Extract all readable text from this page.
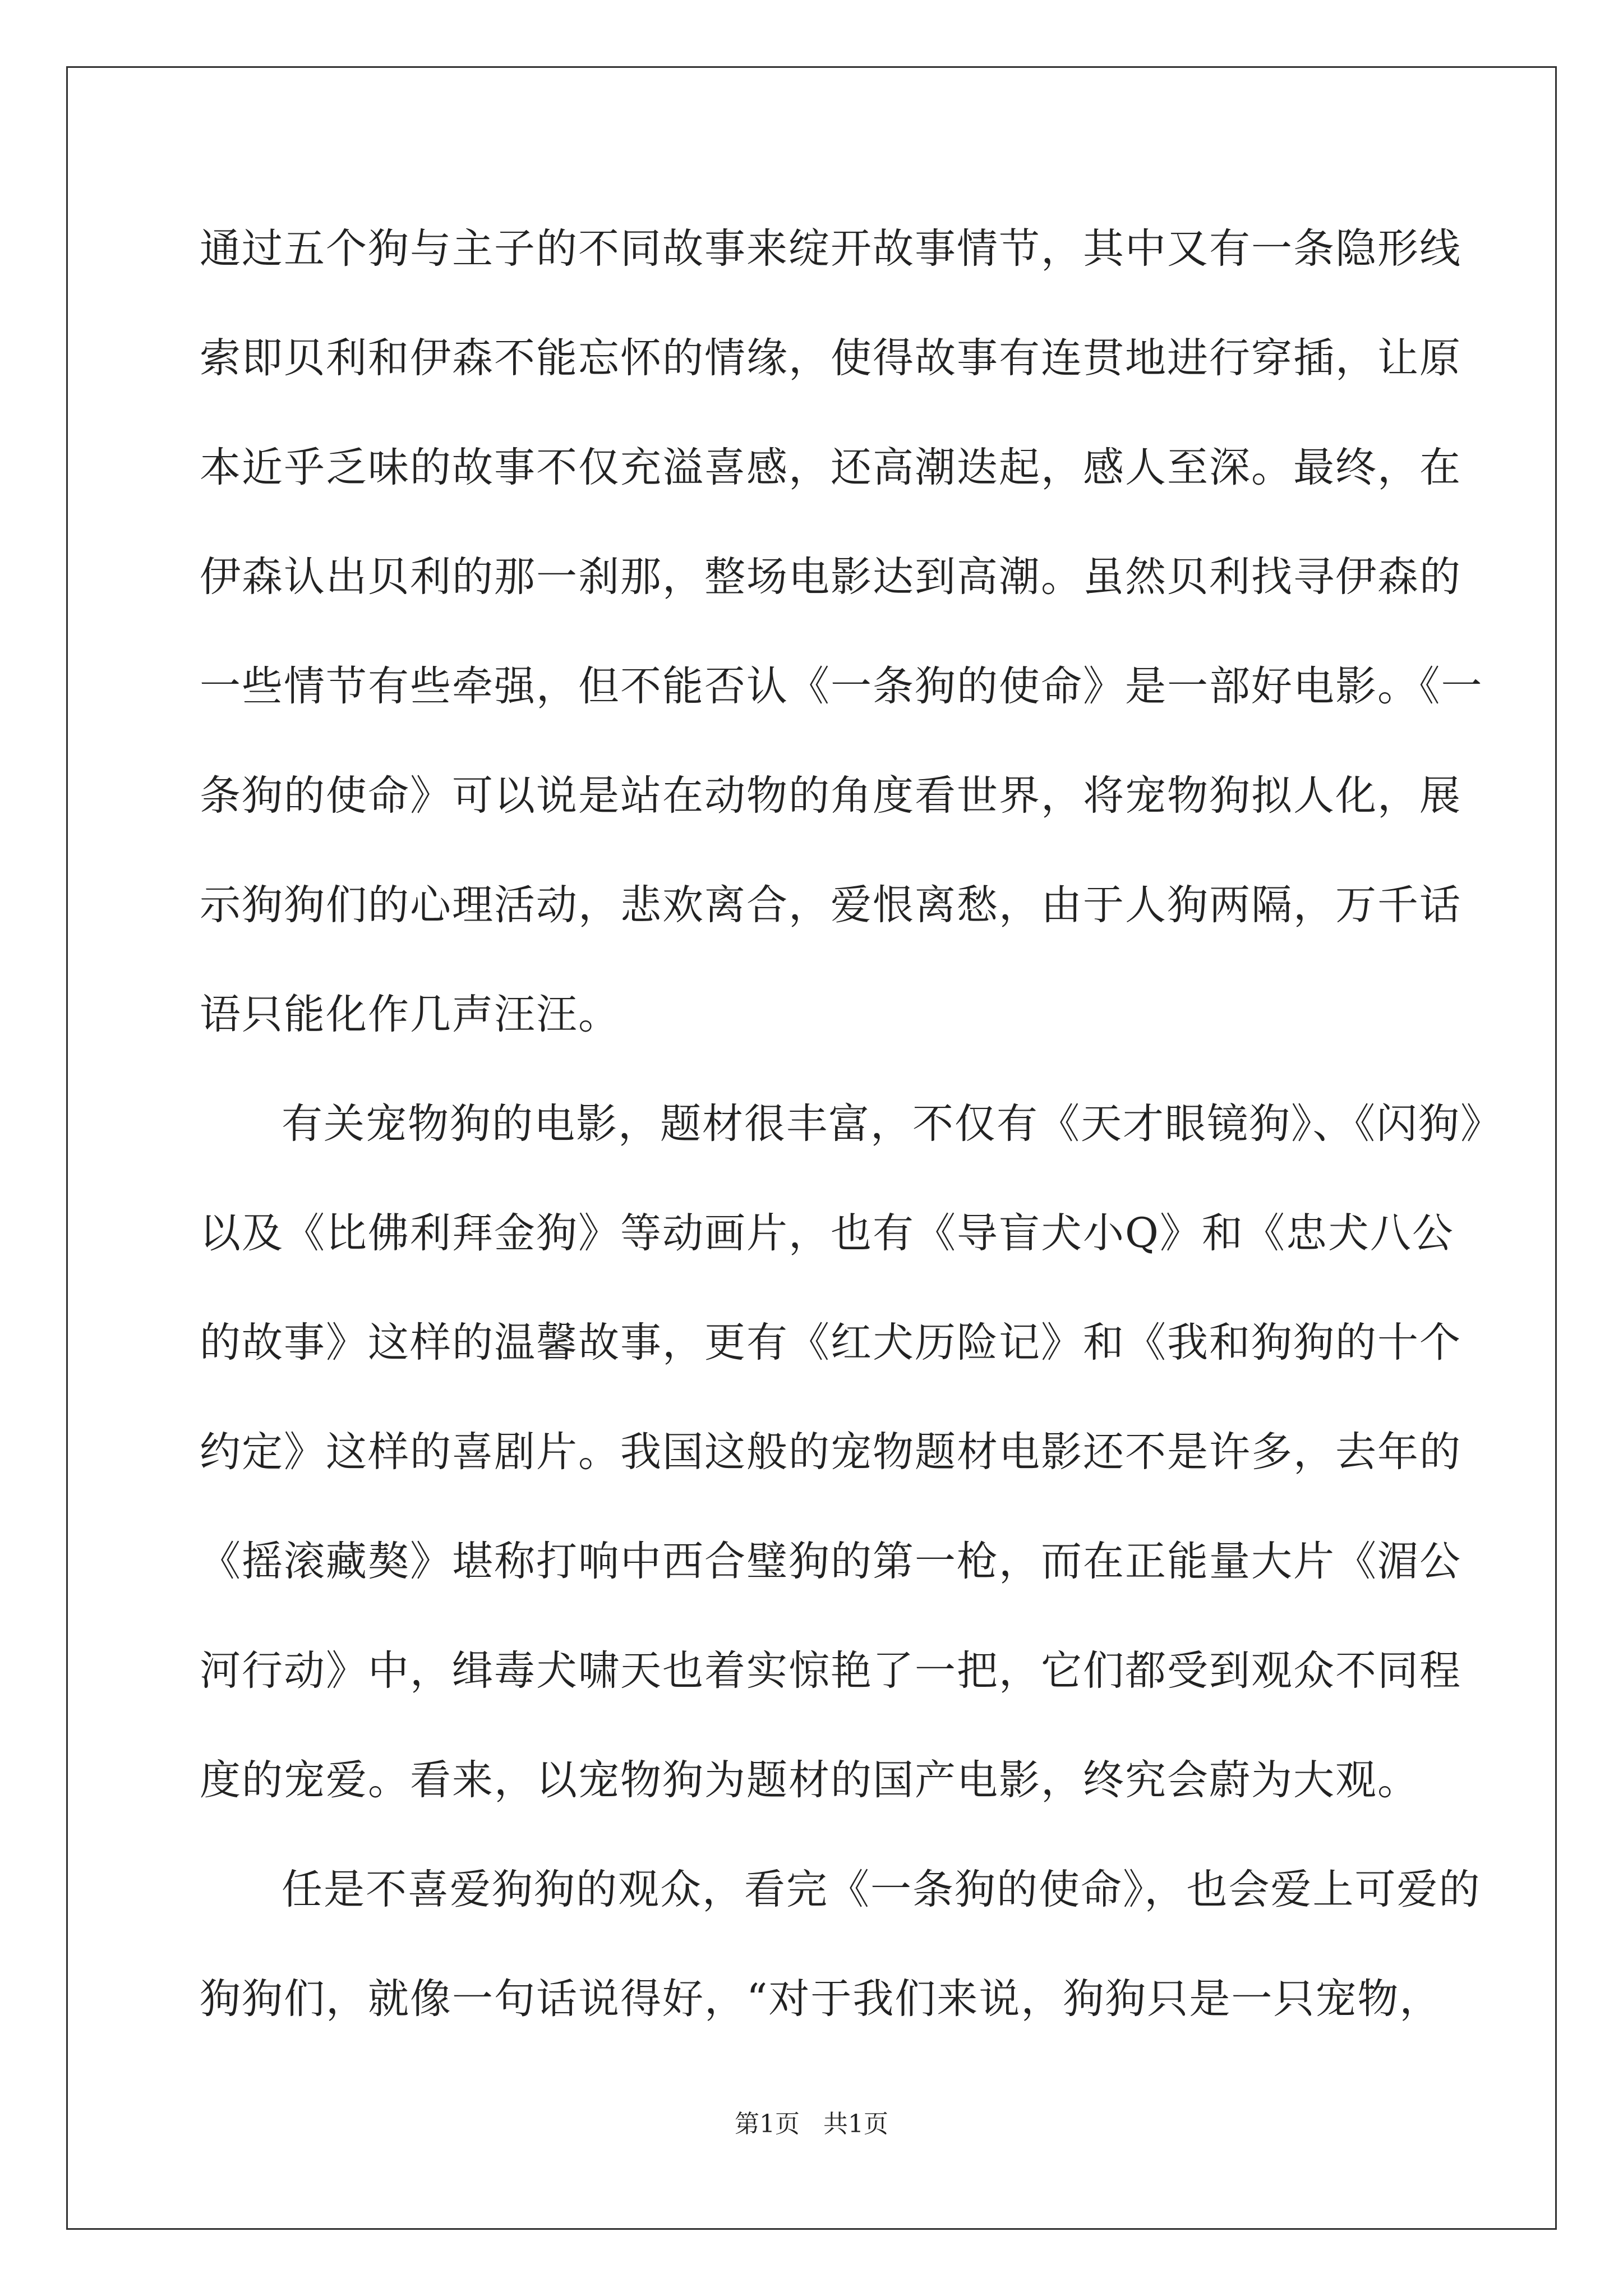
通过五个狗与主子的不同故事来绽开故事情节，其中又有一条隐形线
索即贝利和伊森不能忘怀的情缘，使得故事有连贯地进行穿插，让原
本近乎乏味的故事不仅充溢喜感，还高潮迭起，感人至深。最终，在
伊森认出贝利的那一刹那，整场电影达到高潮。虽然贝利找寻伊森的
一些情节有些牵强，但不能否认《一条狗的使命》是一部好电影。《一
条狗的使命》可以说是站在动物的角度看世界，将宠物狗拟人化，展
示狗狗们的心理活动，悲欢离合，爱恨离愁，由于人狗两隔，万千话
语只能化作几声汪汪。
有关宠物狗的电影，题材很丰富，不仅有《天才眼镜狗》、《闪狗》
以及《比佛利拜金狗》等动画片，也有《导盲犬小Q》和《忠犬八公
的故事》这样的温馨故事，更有《红犬历险记》和《我和狗狗的十个
约定》这样的喜剧片。我国这般的宠物题材电影还不是许多，去年的
《摇滚藏獒》堪称打响中西合璧狗的第一枪，而在正能量大片《湄公
河行动》中，缉毒犬啸天也着实惊艳了一把，它们都受到观众不同程
度的宠爱。看来，以宠物狗为题材的国产电影，终究会蔚为大观。
任是不喜爱狗狗的观众，看完《一条狗的使命》，也会爱上可爱的
狗狗们，就像一句话说得好，“对于我们来说，狗狗只是一只宠物，
第1页 共1页
